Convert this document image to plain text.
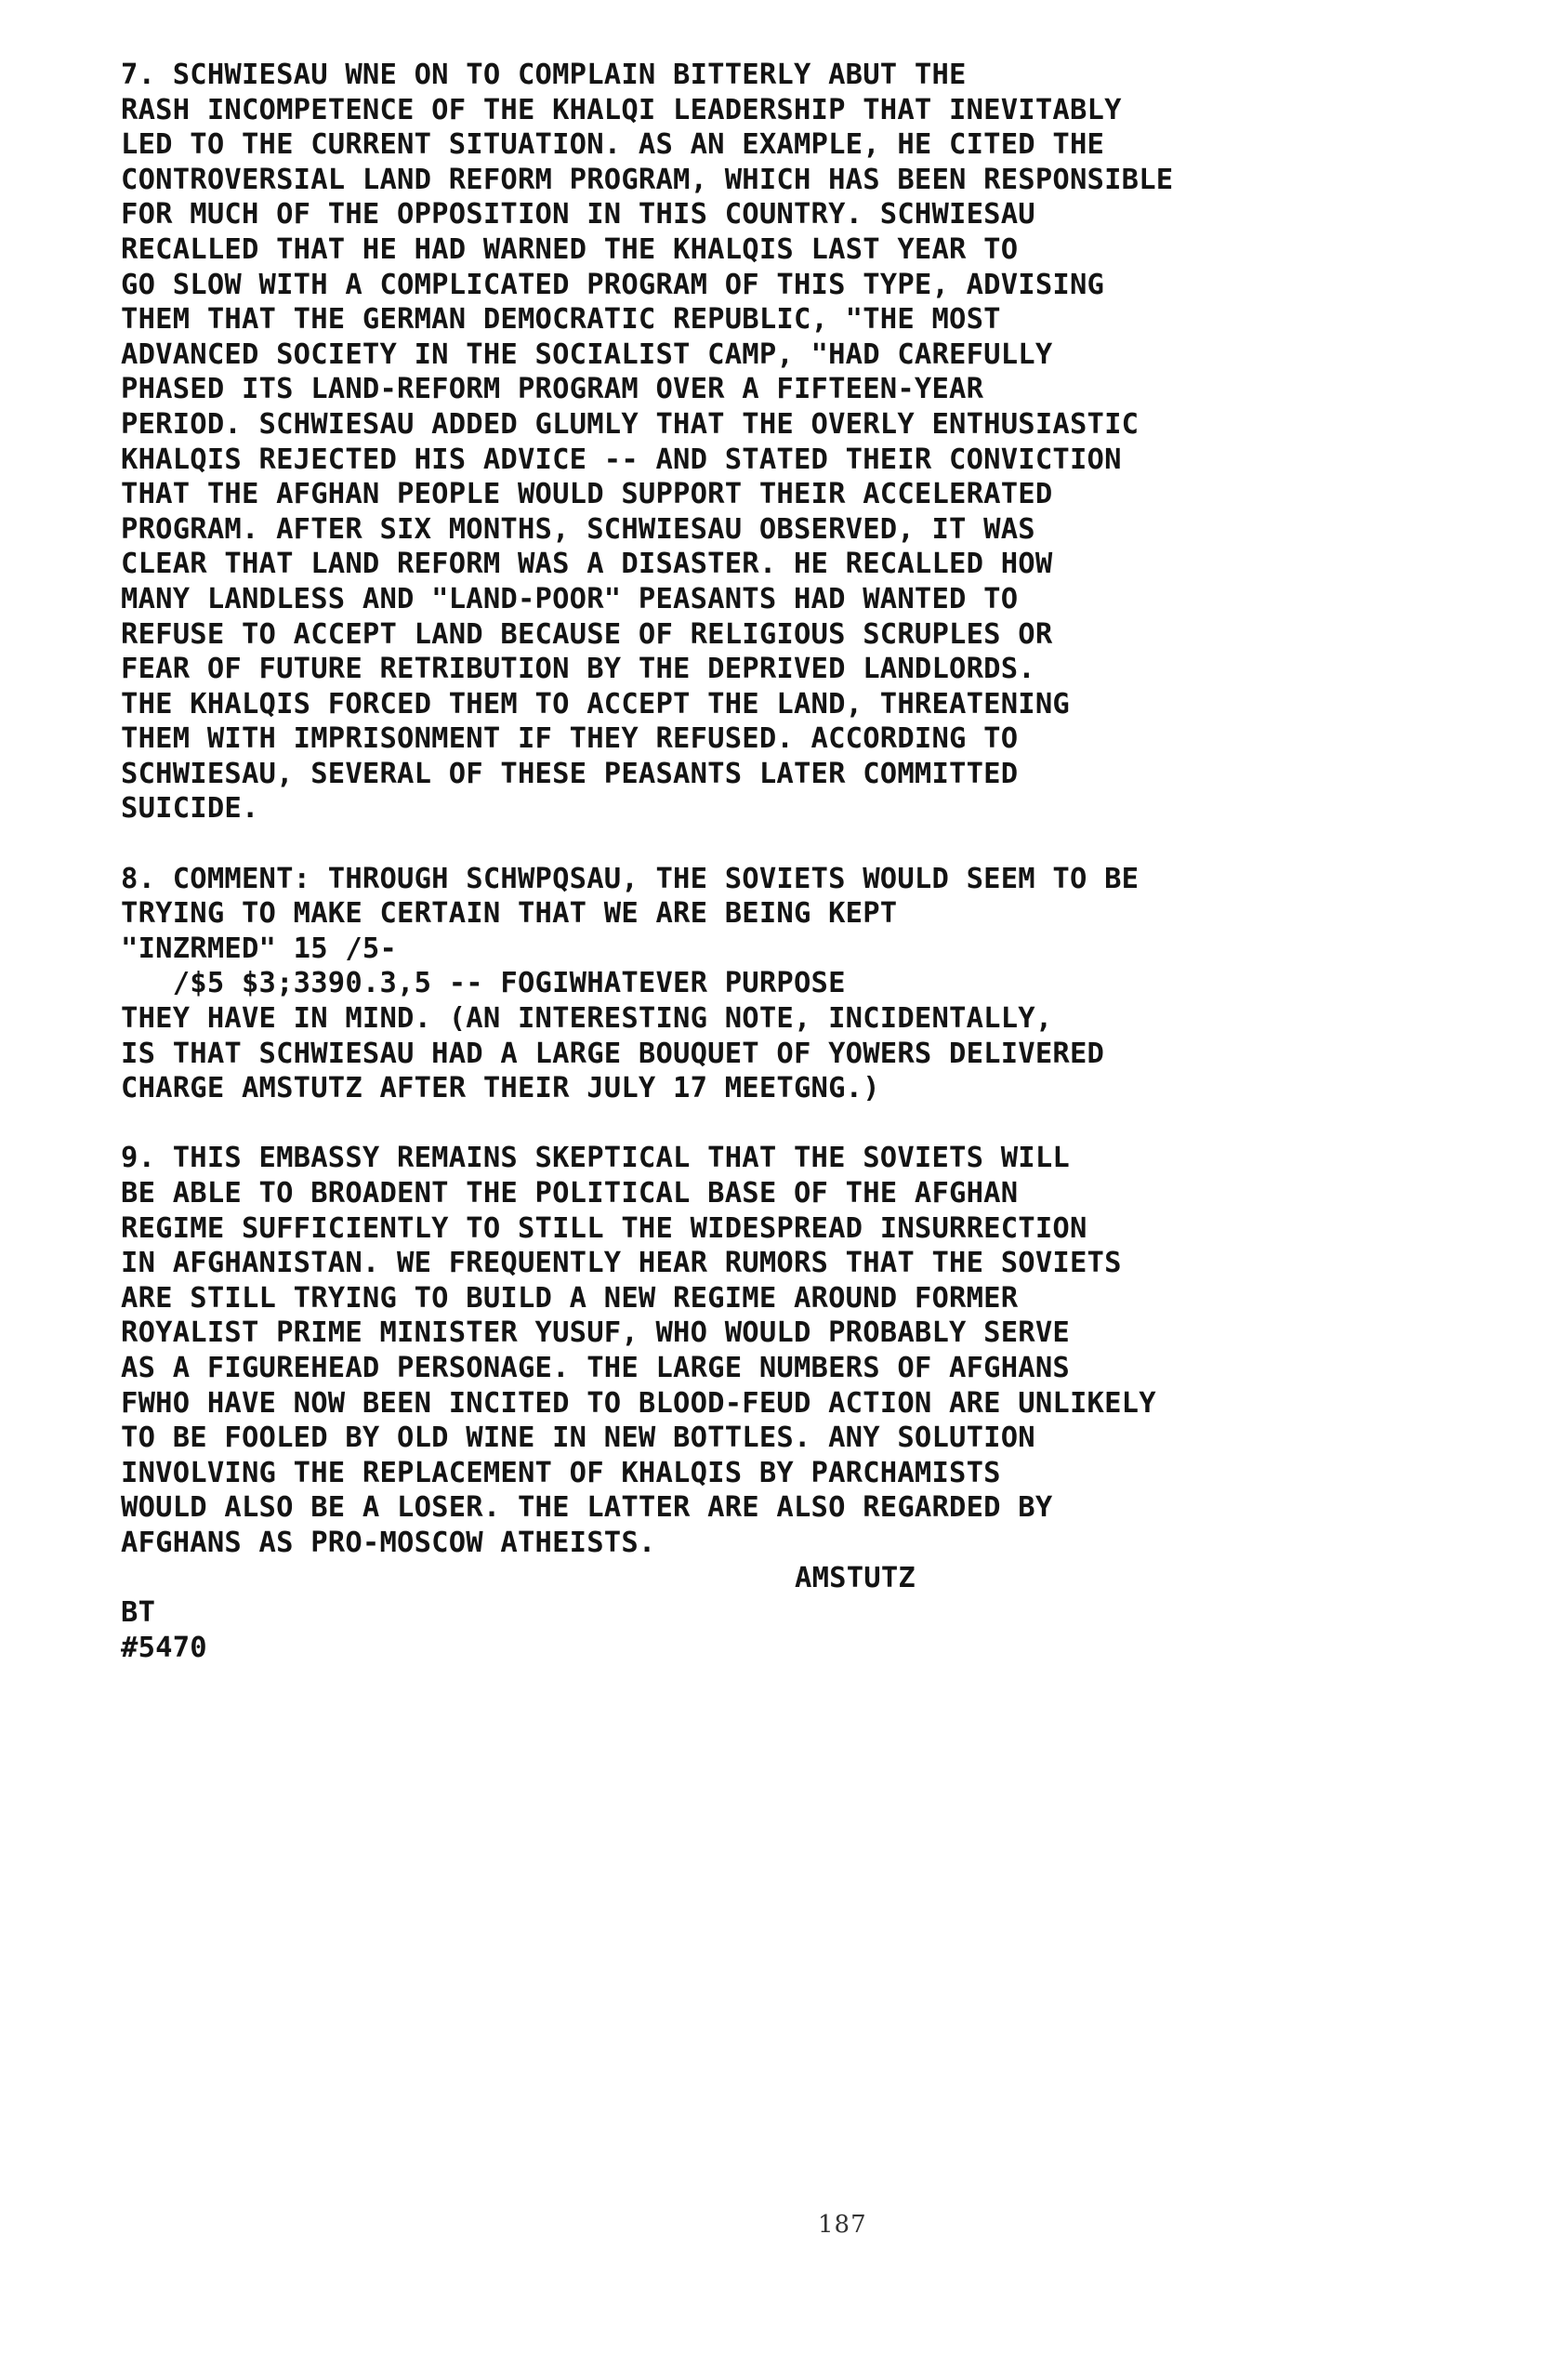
7. SCHWIESAU WNE ON TO COMPLAIN BITTERLY ABUT THE
RASH INCOMPETENCE OF THE KHALQI LEADERSHIP THAT INEVITABLY
LED TO THE CURRENT SITUATION. AS AN EXAMPLE, HE CITED THE
CONTROVERSIAL LAND REFORM PROGRAM, WHICH HAS BEEN RESPONSIBLE
FOR MUCH OF THE OPPOSITION IN THIS COUNTRY. SCHWIESAU
RECALLED THAT HE HAD WARNED THE KHALQIS LAST YEAR TO
GO SLOW WITH A COMPLICATED PROGRAM OF THIS TYPE, ADVISING
THEM THAT THE GERMAN DEMOCRATIC REPUBLIC, "THE MOST
ADVANCED SOCIETY IN THE SOCIALIST CAMP, "HAD CAREFULLY
PHASED ITS LAND-REFORM PROGRAM OVER A FIFTEEN-YEAR
PERIOD. SCHWIESAU ADDED GLUMLY THAT THE OVERLY ENTHUSIASTIC
KHALQIS REJECTED HIS ADVICE -- AND STATED THEIR CONVICTION
THAT THE AFGHAN PEOPLE WOULD SUPPORT THEIR ACCELERATED
PROGRAM. AFTER SIX MONTHS, SCHWIESAU OBSERVED, IT WAS
CLEAR THAT LAND REFORM WAS A DISASTER. HE RECALLED HOW
MANY LANDLESS AND "LAND-POOR" PEASANTS HAD WANTED TO
REFUSE TO ACCEPT LAND BECAUSE OF RELIGIOUS SCRUPLES OR
FEAR OF FUTURE RETRIBUTION BY THE DEPRIVED LANDLORDS.
THE KHALQIS FORCED THEM TO ACCEPT THE LAND, THREATENING
THEM WITH IMPRISONMENT IF THEY REFUSED. ACCORDING TO
SCHWIESAU, SEVERAL OF THESE PEASANTS LATER COMMITTED
SUICIDE.
8. COMMENT: THROUGH SCHWPQSAU, THE SOVIETS WOULD SEEM TO BE
TRYING TO MAKE CERTAIN THAT WE ARE BEING KEPT
"INZRMED" 15 /5-
/$5 $3;3390.3,5 -- FOGIWHATEVER PURPOSE
THEY HAVE IN MIND. (AN INTERESTING NOTE, INCIDENTALLY,
IS THAT SCHWIESAU HAD A LARGE BOUQUET OF YOWERS DELIVERED
CHARGE AMSTUTZ AFTER THEIR JULY 17 MEETGNG.)
9. THIS EMBASSY REMAINS SKEPTICAL THAT THE SOVIETS WILL
BE ABLE TO BROADENT THE POLITICAL BASE OF THE AFGHAN
REGIME SUFFICIENTLY TO STILL THE WIDESPREAD INSURRECTION
IN AFGHANISTAN. WE FREQUENTLY HEAR RUMORS THAT THE SOVIETS
ARE STILL TRYING TO BUILD A NEW REGIME AROUND FORMER
ROYALIST PRIME MINISTER YUSUF, WHO WOULD PROBABLY SERVE
AS A FIGUREHEAD PERSONAGE. THE LARGE NUMBERS OF AFGHANS
FWHO HAVE NOW BEEN INCITED TO BLOOD-FEUD ACTION ARE UNLIKELY
TO BE FOOLED BY OLD WINE IN NEW BOTTLES. ANY SOLUTION
INVOLVING THE REPLACEMENT OF KHALQIS BY PARCHAMISTS
WOULD ALSO BE A LOSER. THE LATTER ARE ALSO REGARDED BY
AFGHANS AS PRO-MOSCOW ATHEISTS.
AMSTUTZ
BT
#5470
187
